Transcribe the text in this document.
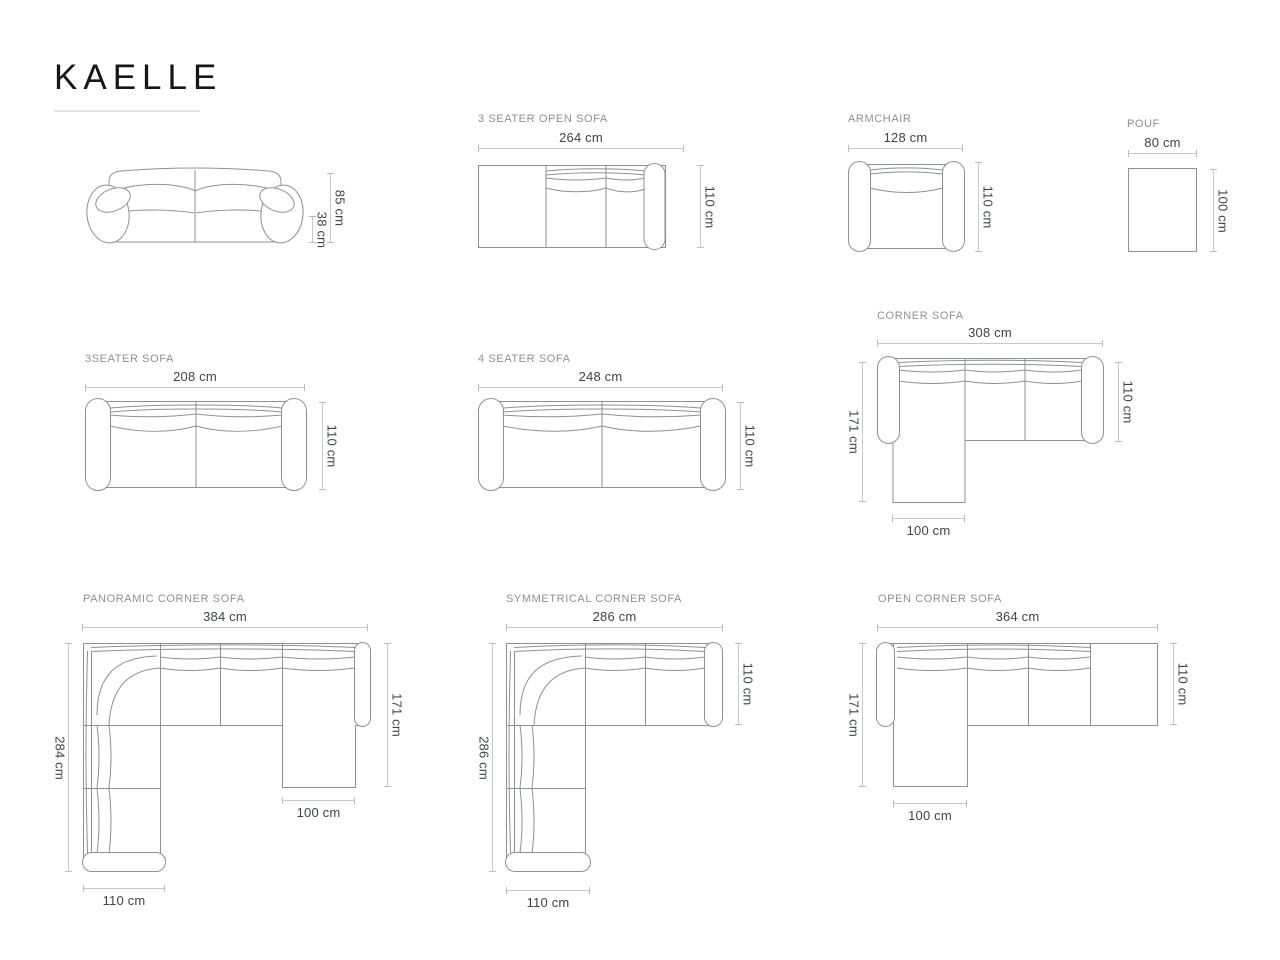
KAELLE
85 cm
38 cm
3 SEATER OPEN SOFA
264 cm
110 cm
ARMCHAIR
128 cm
110 cm
POUF
80 cm
100 cm
3SEATER SOFA
208 cm
110 cm
4 SEATER SOFA
248 cm
110 cm
CORNER SOFA
308 cm
171 cm
110 cm
100 cm
PANORAMIC CORNER SOFA
384 cm
284 cm
171 cm
100 cm
110 cm
SYMMETRICAL CORNER SOFA
286 cm
286 cm
110 cm
110 cm
OPEN CORNER SOFA
364 cm
171 cm
110 cm
100 cm
